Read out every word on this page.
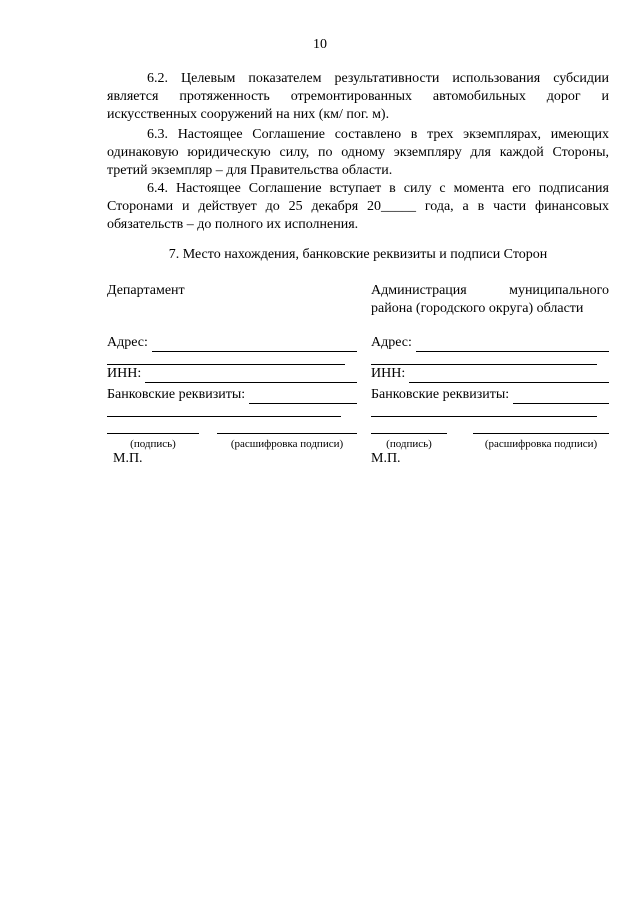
10
6.2. Целевым показателем результативности использования субсидии является протяженность отремонтированных автомобильных дорог и искусственных сооружений на них (км/ пог. м).
6.3. Настоящее Соглашение составлено в трех экземплярах, имеющих одинаковую юридическую силу, по одному экземпляру для каждой Стороны, третий экземпляр – для Правительства области.
6.4. Настоящее Соглашение вступает в силу с момента его подписания Сторонами и действует до 25 декабря 20_____ года, а в части финансовых обязательств – до полного их исполнения.
7. Место нахождения, банковские реквизиты и подписи Сторон
Департамент
Адрес:
ИНН:
Банковские реквизиты:
(подпись)	(расшифровка подписи)
М.П.
Администрация муниципального

района (городского округа) области
Адрес:
ИНН:
Банковские реквизиты:
(подпись)	(расшифровка подписи)
М.П.
